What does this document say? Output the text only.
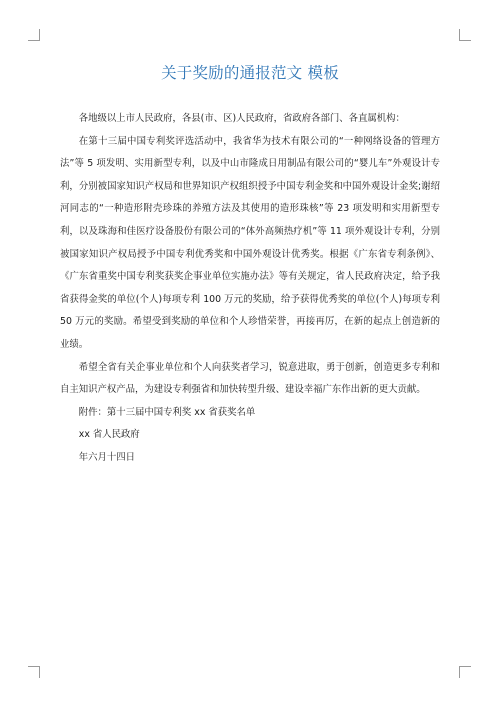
关于奖励的通报范文 模板

各地级以上市人民政府，各县(市、区)人民政府，省政府各部门、各直属机构：

在第十三届中国专利奖评选活动中，我省华为技术有限公司的“一种网络设备的管理方法”等 5 项发明、实用新型专利，以及中山市隆成日用制品有限公司的“婴儿车”外观设计专利，分别被国家知识产权局和世界知识产权组织授予中国专利金奖和中国外观设计金奖;谢绍河同志的“一种造形附壳珍珠的养殖方法及其使用的造形珠核”等 23 项发明和实用新型专利，以及珠海和佳医疗设备股份有限公司的“体外高频热疗机”等 11 项外观设计专利，分别被国家知识产权局授予中国专利优秀奖和中国外观设计优秀奖。根据《广东省专利条例》、《广东省重奖中国专利奖获奖企事业单位实施办法》等有关规定，省人民政府决定，给予我省获得金奖的单位(个人)每项专利 100 万元的奖励，给予获得优秀奖的单位(个人)每项专利 50 万元的奖励。希望受到奖励的单位和个人珍惜荣誉，再接再厉，在新的起点上创造新的业绩。

希望全省有关企事业单位和个人向获奖者学习，锐意进取，勇于创新，创造更多专利和自主知识产权产品，为建设专利强省和加快转型升级、建设幸福广东作出新的更大贡献。

附件：第十三届中国专利奖 xx 省获奖名单

xx 省人民政府

年六月十四日
